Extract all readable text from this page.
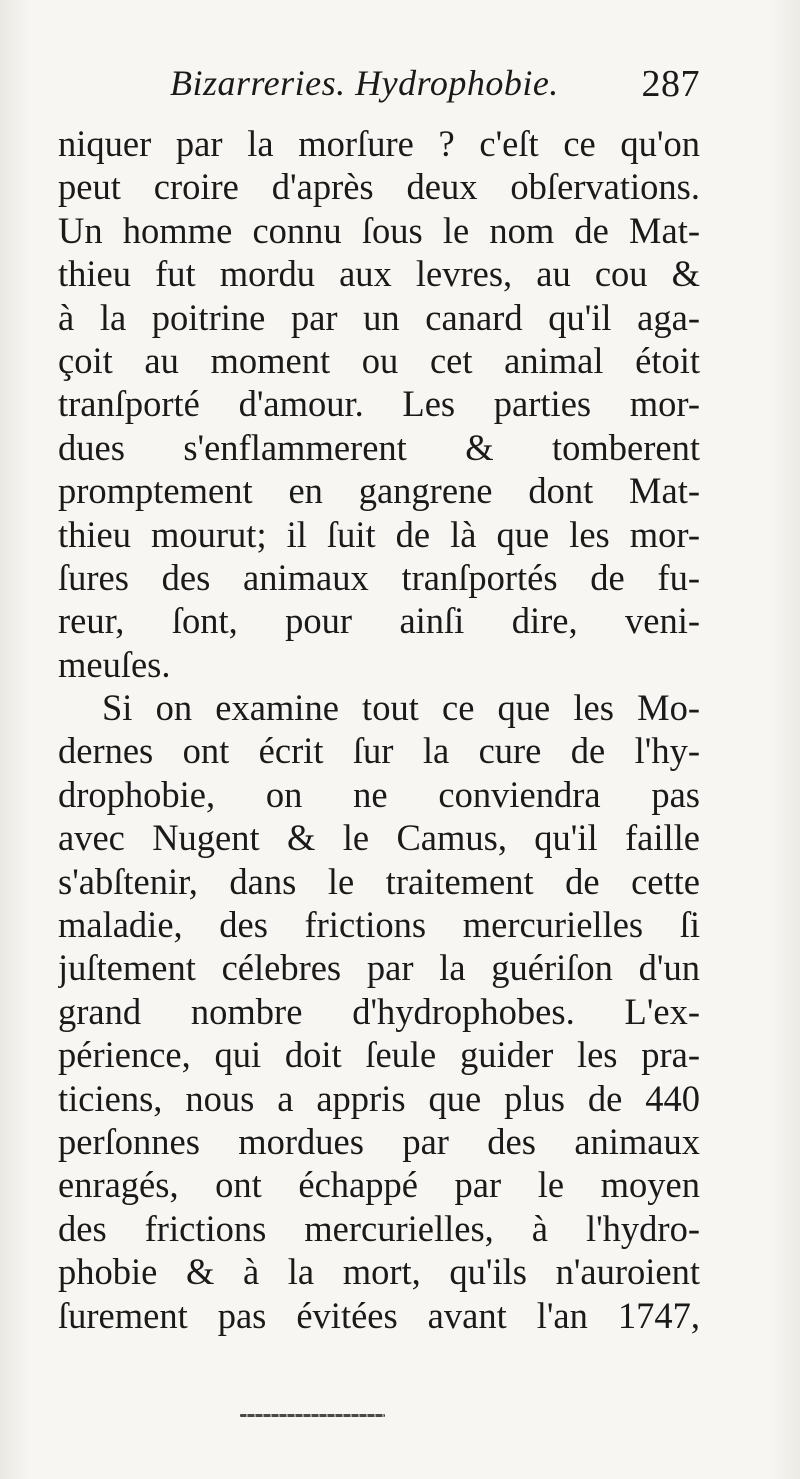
Bizarreries. Hydrophobie. 287
niquer par la morſure ? c'eſt ce qu'on
peut croire d'après deux obſervations.
Un homme connu ſous le nom de Mat-
thieu fut mordu aux levres, au cou &
à la poitrine par un canard qu'il aga-
çoit au moment ou cet animal étoit
tranſporté d'amour. Les parties mor-
dues s'enflammerent & tomberent
promptement en gangrene dont Mat-
thieu mourut; il ſuit de là que les mor-
ſures des animaux tranſportés de fu-
reur, ſont, pour ainſi dire, veni-
meuſes.
Si on examine tout ce que les Mo-
dernes ont écrit ſur la cure de l'hy-
drophobie, on ne conviendra pas
avec Nugent & le Camus, qu'il faille
s'abſtenir, dans le traitement de cette
maladie, des frictions mercurielles ſi
juſtement célebres par la guériſon d'un
grand nombre d'hydrophobes. L'ex-
périence, qui doit ſeule guider les pra-
ticiens, nous a appris que plus de 440
perſonnes mordues par des animaux
enragés, ont échappé par le moyen
des frictions mercurielles, à l'hydro-
phobie & à la mort, qu'ils n'auroient
ſurement pas évitées avant l'an 1747,
